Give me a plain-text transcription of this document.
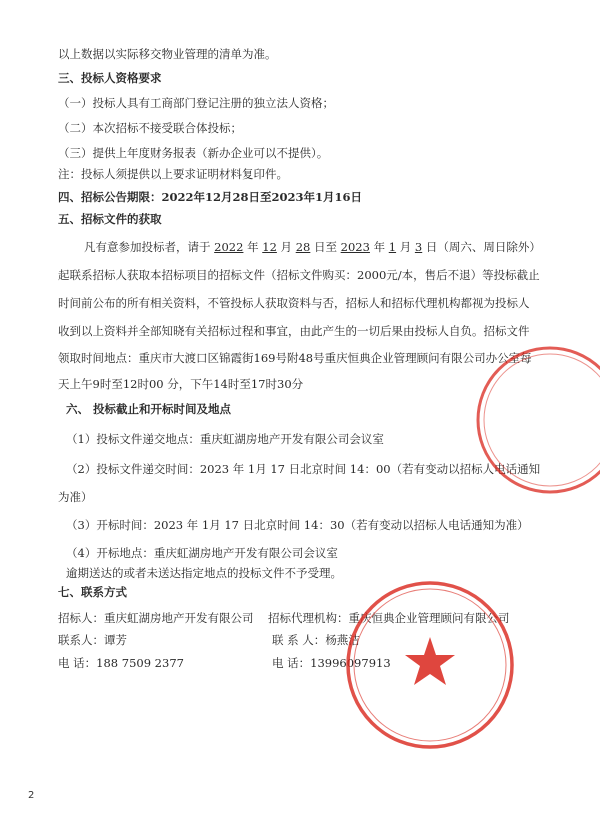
以上数据以实际移交物业管理的清单为准。
三、投标人资格要求
（一）投标人具有工商部门登记注册的独立法人资格；
（二）本次招标不接受联合体投标；
（三）提供上年度财务报表（新办企业可以不提供）。
注：投标人须提供以上要求证明材料复印件。
四、招标公告期限：2022年12月28日至2023年1月16日
五、招标文件的获取
凡有意参加投标者，请于 2022 年 12 月 28 日至 2023 年 1 月 3 日（周六、周日除外）
起联系招标人获取本招标项目的招标文件（招标文件购买：2000元/本，售后不退）等投标截止
时间前公布的所有相关资料，不管投标人获取资料与否，招标人和招标代理机构都视为投标人
收到以上资料并全部知晓有关招标过程和事宜，由此产生的一切后果由投标人自负。招标文件
领取时间地点：重庆市大渡口区锦霞街169号附48号重庆恒典企业管理顾问有限公司办公室每
天上午9时至12时00 分，下午14时至17时30分
六、 投标截止和开标时间及地点
（1）投标文件递交地点：重庆虹湖房地产开发有限公司会议室
（2）投标文件递交时间：2023 年 1月 17 日北京时间 14：00（若有变动以招标人电话通知
为准）
（3）开标时间：2023 年 1月 17 日北京时间 14：30（若有变动以招标人电话通知为准）
（4）开标地点：重庆虹湖房地产开发有限公司会议室
逾期送达的或者未送达指定地点的投标文件不予受理。
七、联系方式
招标人：重庆虹湖房地产开发有限公司 招标代理机构：重庆恒典企业管理顾问有限公司
联系人：谭芳	联 系 人：杨燕洁
电 话：188 7509 2377	电 话：13996097913
2
